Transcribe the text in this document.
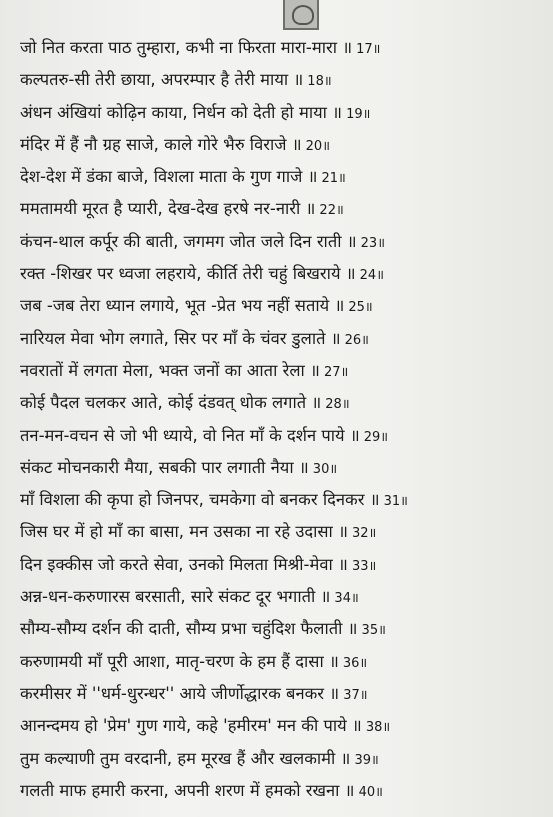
जो नित करता पाठ तुम्हारा, कभी ना फिरता मारा-मारा ॥ 17॥
कल्पतरु-सी तेरी छाया, अपरम्पार है तेरी माया ॥ 18॥
अंधन अंखियां कोढ़िन काया, निर्धन को देती हो माया ॥ 19॥
मंदिर में हैं नौ ग्रह साजे, काले गोरे भैरु विराजे ॥ 20॥
देश-देश में डंका बाजे, विशला माता के गुण गाजे ॥ 21॥
ममतामयी मूरत है प्यारी, देख-देख हरषे नर-नारी ॥ 22॥
कंचन-थाल कर्पूर की बाती, जगमग जोत जले दिन राती ॥ 23॥
रक्त -शिखर पर ध्वजा लहराये, कीर्ति तेरी चहुं बिखराये ॥ 24॥
जब -जब तेरा ध्यान लगाये, भूत -प्रेत भय नहीं सताये ॥ 25॥
नारियल मेवा भोग लगाते, सिर पर माँ के चंवर डुलाते ॥ 26॥
नवरातों में लगता मेला, भक्त जनों का आता रेला ॥ 27॥
कोई पैदल चलकर आते, कोई दंडवत् धोक लगाते ॥ 28॥
तन-मन-वचन से जो भी ध्याये, वो नित माँ के दर्शन पाये ॥ 29॥
संकट मोचनकारी मैया, सबकी पार लगाती नैया ॥ 30॥
माँ विशला की कृपा हो जिनपर, चमकेगा वो बनकर दिनकर ॥ 31॥
जिस घर में हो माँ का बासा, मन उसका ना रहे उदासा ॥ 32॥
दिन इक्कीस जो करते सेवा, उनको मिलता मिश्री-मेवा ॥ 33॥
अन्न-धन-करुणारस बरसाती, सारे संकट दूर भगाती ॥ 34॥
सौम्य-सौम्य दर्शन की दाती, सौम्य प्रभा चहुंदिश फैलाती ॥ 35॥
करुणामयी माँ पूरी आशा, मातृ-चरण के हम हैं दासा ॥ 36॥
करमीसर में ''धर्म-धुरन्धर'' आये जीर्णोद्धारक बनकर ॥ 37॥
आनन्दमय हो 'प्रेम' गुण गाये, कहे 'हमीरम' मन की पाये ॥ 38॥
तुम कल्याणी तुम वरदानी, हम मूरख हैं और खलकामी ॥ 39॥
गलती माफ हमारी करना, अपनी शरण में हमको रखना ॥ 40॥
